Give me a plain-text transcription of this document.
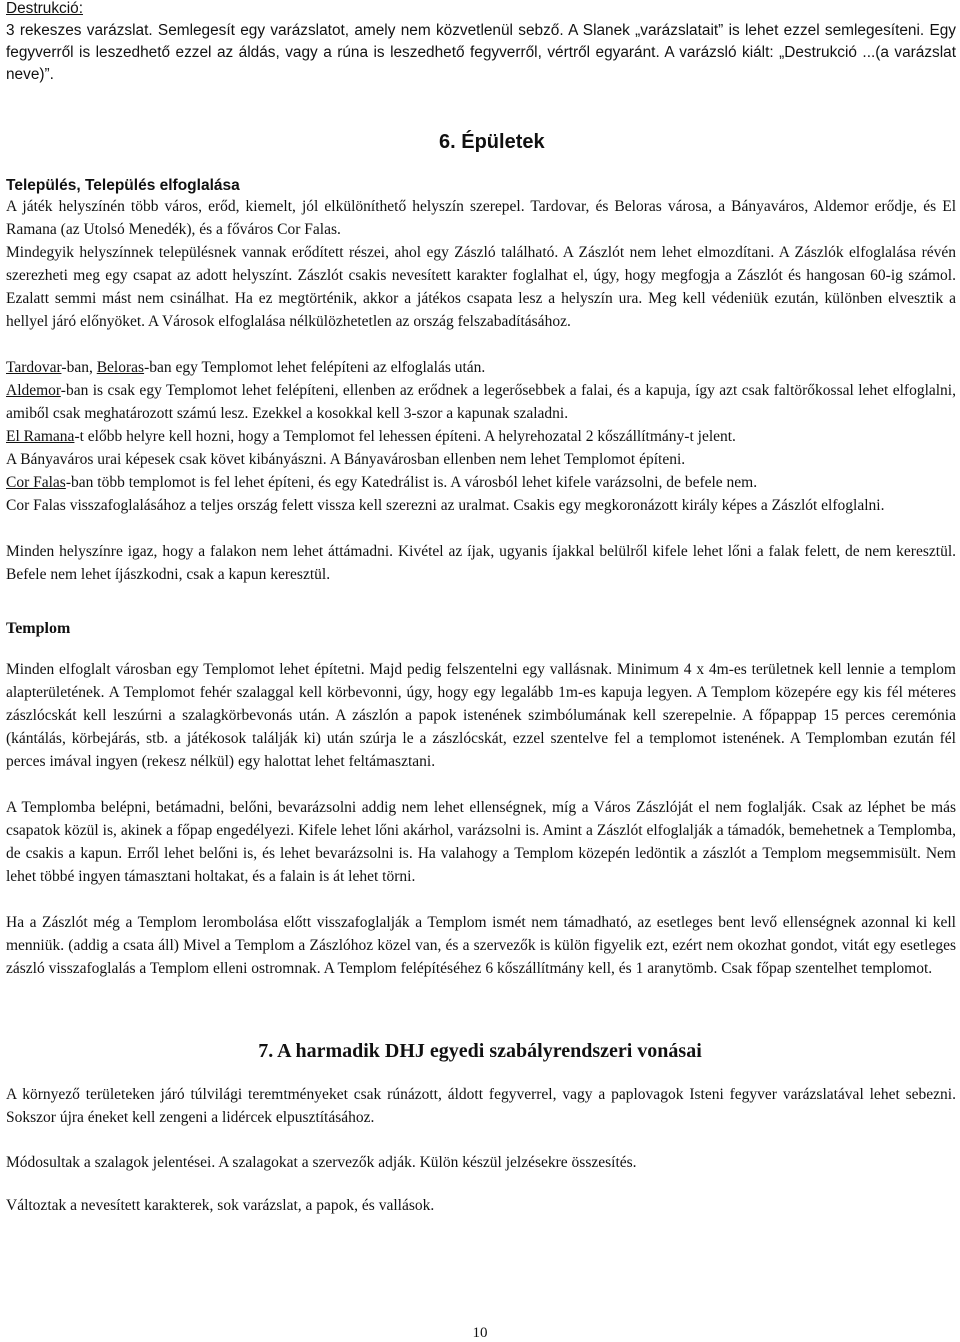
Destrukció:
3 rekeszes varázslat. Semlegesít egy varázslatot, amely nem közvetlenül sebző. A Slanek „varázslatait” is lehet ezzel semlegesíteni. Egy fegyverről is leszedhető ezzel az áldás, vagy a rúna is leszedhető fegyverről, vértről egyaránt. A varázsló kiált: „Destrukció ...(a varázslat neve)”.

Település, Település elfoglalása

6. Épületek

A játék helyszínén több város, erőd, kiemelt, jól elkülöníthető helyszín szerepel. Tardovar, és Beloras városa, a Bányaváros, Aldemor erődje, és El Ramana (az Utolsó Menedék), és a főváros Cor Falas.

Mindegyik helyszínnek településnek vannak erődített részei, ahol egy Zászló található. A Zászlót nem lehet elmozdítani. A Zászlók elfoglalása révén szerezheti meg egy csapat az adott helyszínt. Zászlót csakis nevesített karakter foglalhat el, úgy, hogy megfogja a Zászlót és hangosan 60-ig számol. Ezalatt semmi mást nem csinálhat. Ha ez megtörténik, akkor a játékos csapata lesz a helyszín ura. Meg kell védeniük ezután, különben elvesztik a hellyel járó előnyöket. A Városok elfoglalása nélkülözhetetlen az ország felszabadításához.

Tardovar-ban, Beloras-ban egy Templomot lehet felépíteni az elfoglalás után.

Aldemor-ban is csak egy Templomot lehet felépíteni, ellenben az erődnek a legerősebbek a falai, és a kapuja, így azt csak faltörőkossal lehet elfoglalni, amiből csak meghatározott számú lesz. Ezekkel a kosokkal kell 3-szor a kapunak szaladni.

El Ramana-t előbb helyre kell hozni, hogy a Templomot fel lehessen építeni. A helyrehozatal 2 kőszállítmány-t jelent.

A Bányaváros urai képesek csak követ kibányászni. A Bányavárosban ellenben nem lehet Templomot építeni.

Cor Falas-ban több templomot is fel lehet építeni, és egy Katedrálist is. A városból lehet kifele varázsolni, de befele nem.

Cor Falas visszafoglalásához a teljes ország felett vissza kell szerezni az uralmat. Csakis egy megkoronázott király képes a Zászlót elfoglalni.

Minden helyszínre igaz, hogy a falakon nem lehet áttámadni. Kivétel az íjak, ugyanis íjakkal belülről kifele lehet lőni a falak felett, de nem keresztül. Befele nem lehet íjászkodni, csak a kapun keresztül.

Templom

Minden elfoglalt városban egy Templomot lehet építetni. Majd pedig felszentelni egy vallásnak. Minimum 4 x 4m-es területnek kell lennie a templom alapterületének. A Templomot fehér szalaggal kell körbevonni, úgy, hogy egy legalább 1m-es kapuja legyen. A Templom közepére egy kis fél méteres zászlócskát kell leszúrni a szalagkörbevonás után. A zászlón a papok istenének szimbólumának kell szerepelnie. A főpappap 15 perces ceremónia (kántálás, körbejárás, stb. a játékosok találják ki) után szúrja le a zászlócskát, ezzel szentelve fel a templomot istenének. A Templomban ezután fél perces imával ingyen (rekesz nélkül) egy halottat lehet feltámasztani.

A Templomba belépni, betámadni, belőni, bevarázsolni addig nem lehet ellenségnek, míg a Város Zászlóját el nem foglalják. Csak az léphet be más csapatok közül is, akinek a főpap engedélyezi. Kifele lehet lőni akárhol, varázsolni is. Amint a Zászlót elfoglalják a támadók, bemehetnek a Templomba, de csakis a kapun. Erről lehet belőni is, és lehet bevarázsolni is. Ha valahogy a Templom közepén ledöntik a zászlót a Templom megsemmisült. Nem lehet többé ingyen támasztani holtakat, és a falain is át lehet törni.

Ha a Zászlót még a Templom lerombolása előtt visszafoglalják a Templom ismét nem támadható, az esetleges bent levő ellenségnek azonnal ki kell menniük. (addig a csata áll) Mivel a Templom a Zászlóhoz közel van, és a szervezők is külön figyelik ezt, ezért nem okozhat gondot, vitát egy esetleges zászló visszafoglalás a Templom elleni ostromnak. A Templom felépítéséhez 6 kőszállítmány kell, és 1 aranytömb. Csak főpap szentelhet templomot.

7. A harmadik DHJ egyedi szabályrendszeri vonásai

A környező területeken járó túlvilági teremtményeket csak rúnázott, áldott fegyverrel, vagy a paplovagok Isteni fegyver varázslatával lehet sebezni. Sokszor újra éneket kell zengeni a lidércek elpusztításához.

Módosultak a szalagok jelentései. A szalagokat a szervezők adják. Külön készül jelzésekre összesítés.

Változtak a nevesített karakterek, sok varázslat, a papok, és vallások.

10
